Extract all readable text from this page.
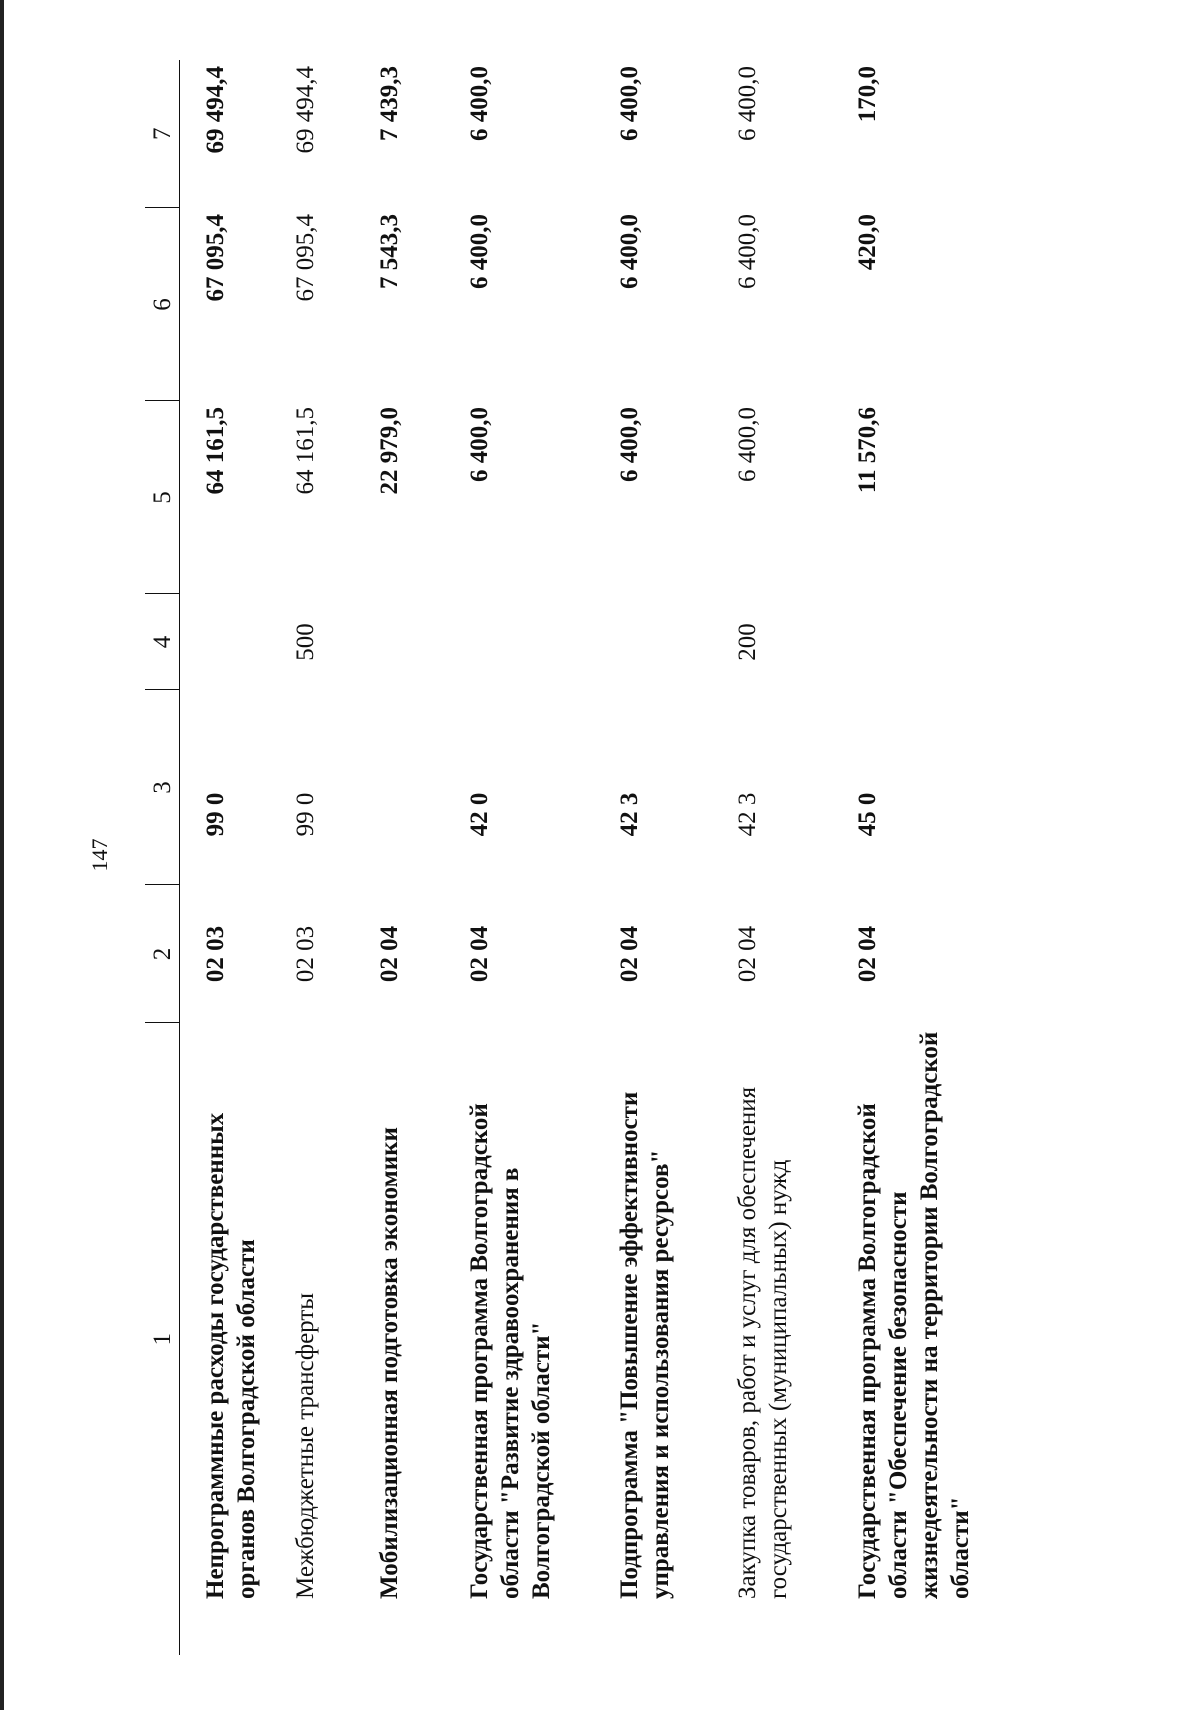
147
1	2	3	4	5	6	7
Непрограммные расходы государственных органов Волгоградской области	02 03	99 0		64 161,5	67 095,4	69 494,4
Межбюджетные трансферты	02 03	99 0	500	64 161,5	67 095,4	69 494,4
Мобилизационная подготовка экономики	02 04			22 979,0	7 543,3	7 439,3
Государственная программа Волгоградской области "Развитие здравоохранения в Волгоградской области"	02 04	42 0		6 400,0	6 400,0	6 400,0
Подпрограмма "Повышение эффективности управления и использования ресурсов"	02 04	42 3		6 400,0	6 400,0	6 400,0
Закупка товаров, работ и услуг для обеспечения государственных (муниципальных) нужд	02 04	42 3	200	6 400,0	6 400,0	6 400,0
Государственная программа Волгоградской области "Обеспечение безопасности жизнедеятельности на территории Волгоградской области"	02 04	45 0		11 570,6	420,0	170,0
